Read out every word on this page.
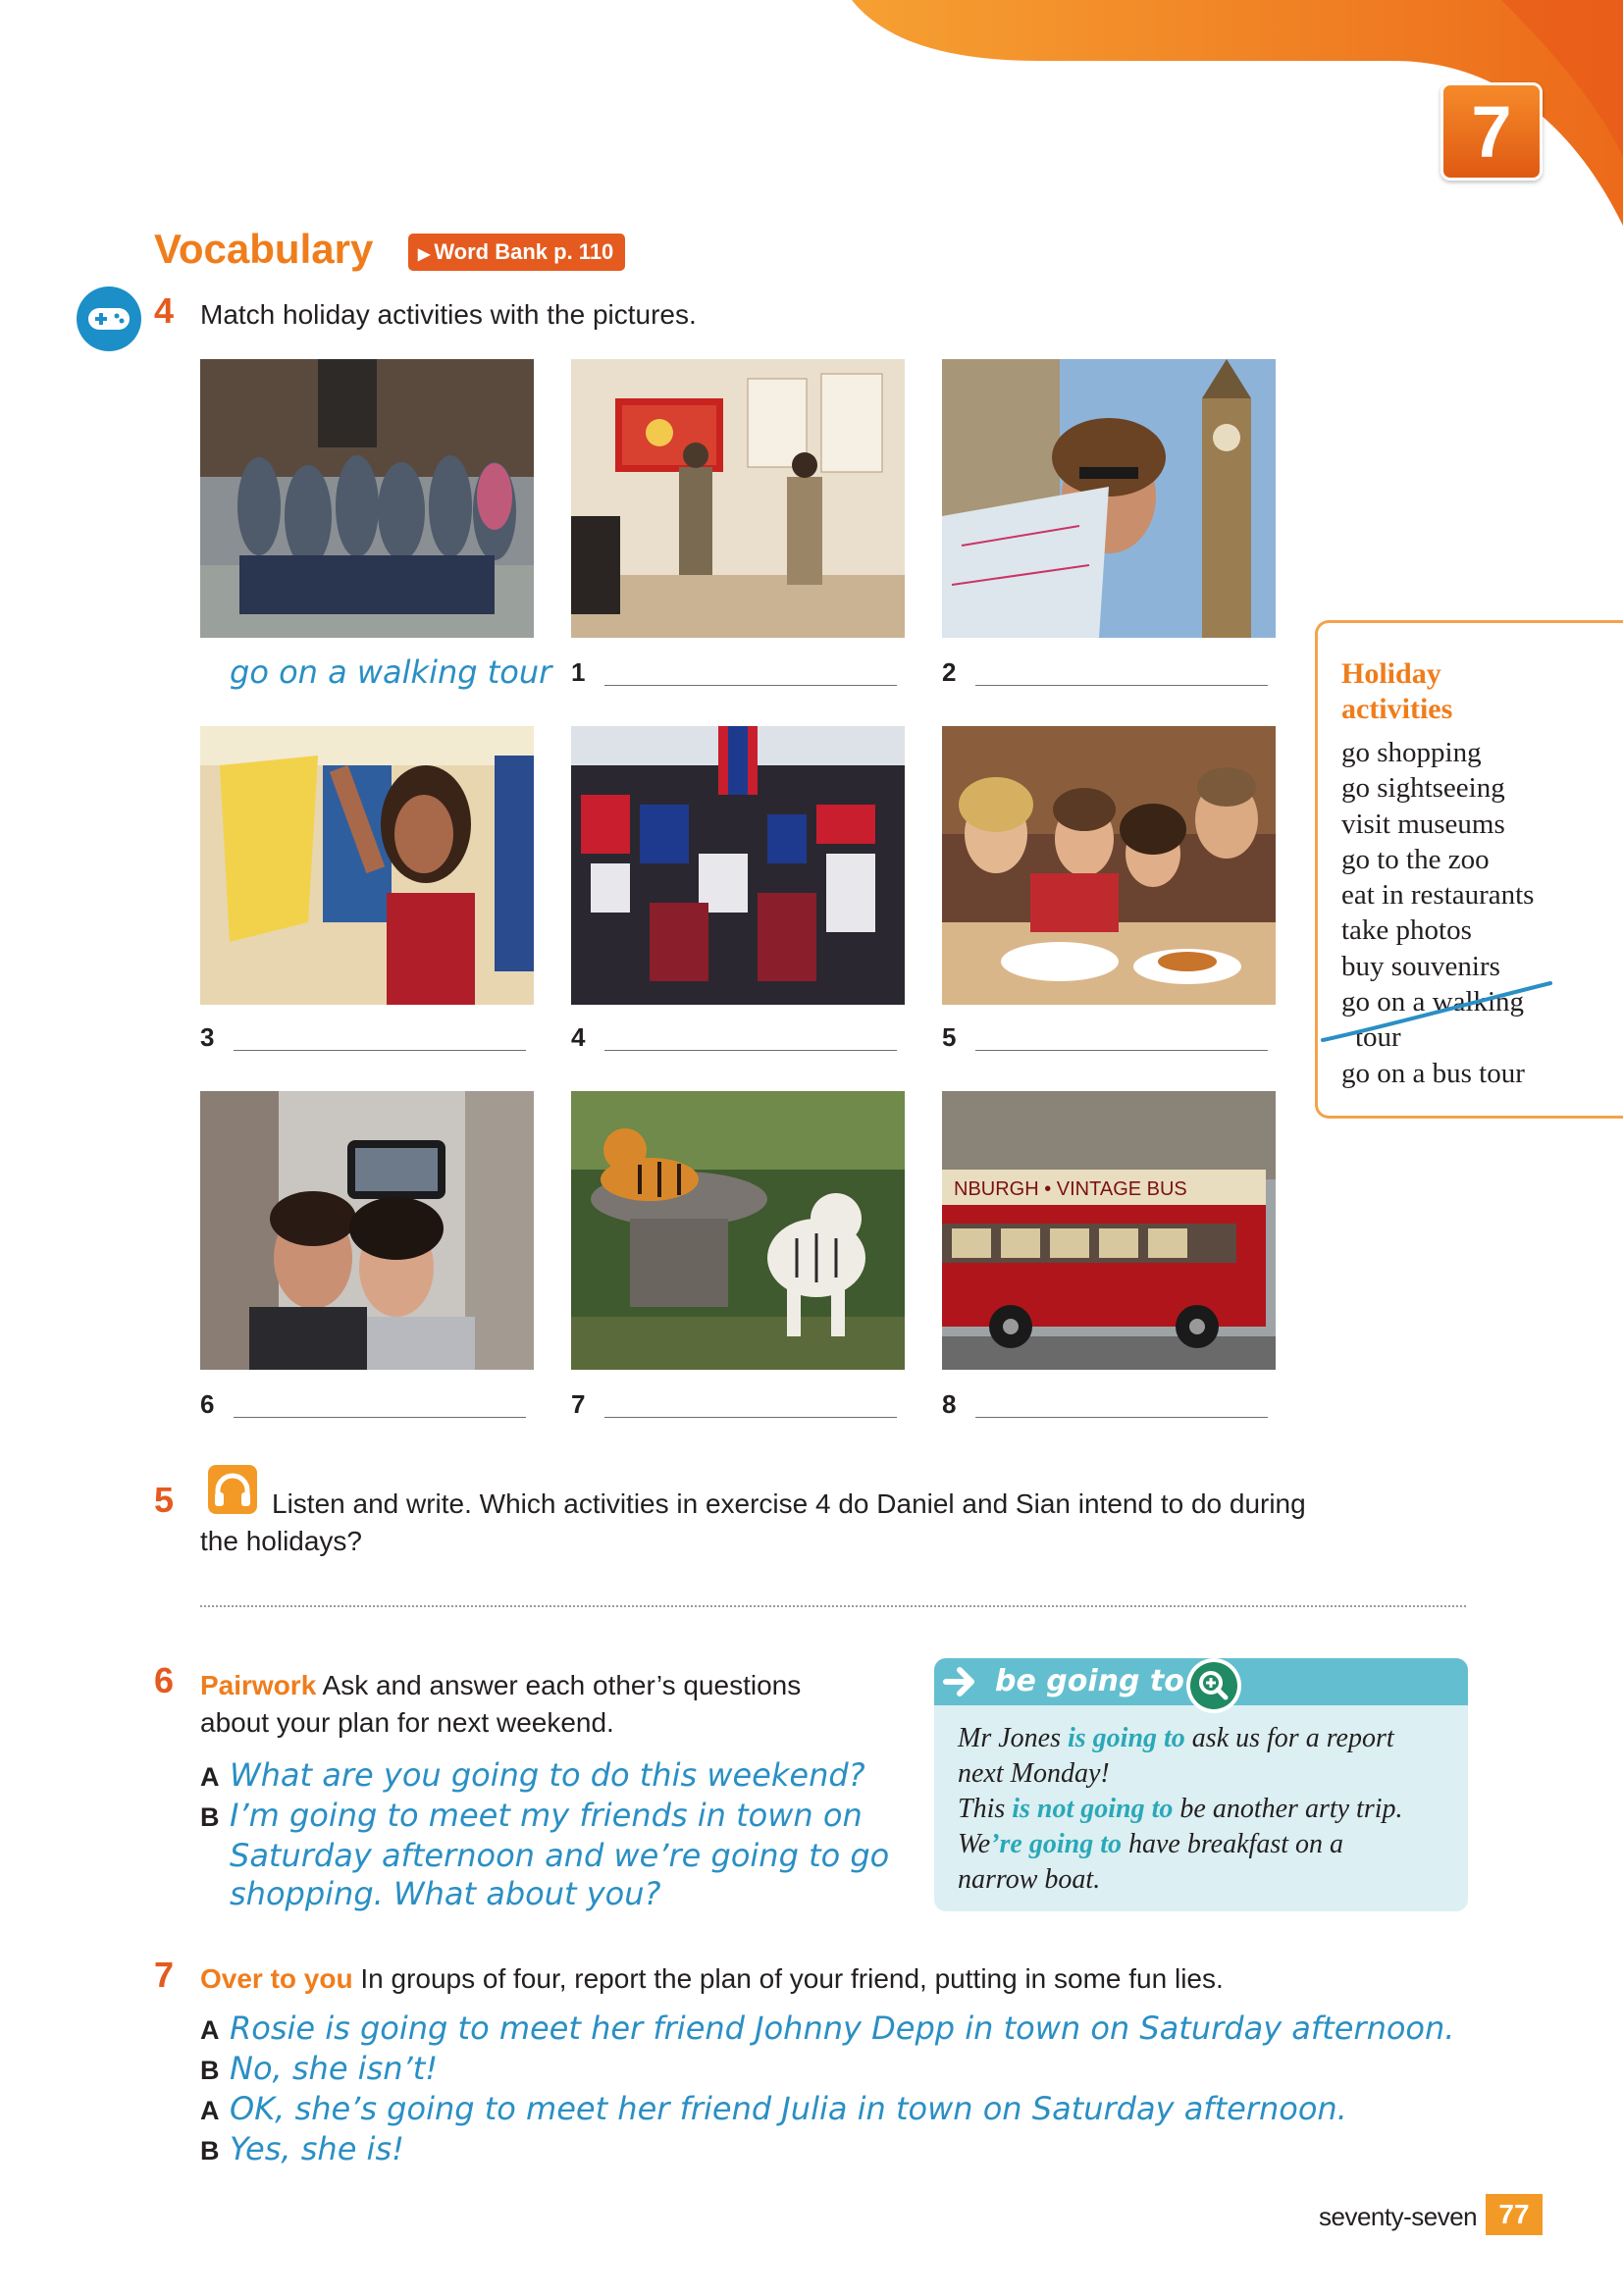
7
Vocabulary	▶ Word Bank p. 110
4 Match holiday activities with the pictures.
go on a walking tour 1	2
3	4	5
NBURGH • VINTAGE BUS
6	7	8
Holiday
activities
go shopping
go sightseeing
visit museums
go to the zoo
eat in restaurants
take photos
buy souvenirs
go on a walking
tour
go on a bus tour
5	Listen and write. Which activities in exercise 4 do Daniel and Sian intend to do during
the holidays?
6 Pairwork Ask and answer each other’s questions
about your plan for next weekend.
A What are you going to do this weekend?
B I’m going to meet my friends in town on
Saturday afternoon and we’re going to go
shopping. What about you?
be going to
Mr Jones is going to ask us for a report
next Monday!
This is not going to be another arty trip.
We’re going to have breakfast on a
narrow boat.
7 Over to you In groups of four, report the plan of your friend, putting in some fun lies.
A Rosie is going to meet her friend Johnny Depp in town on Saturday afternoon.
B No, she isn’t!
A OK, she’s going to meet her friend Julia in town on Saturday afternoon.
B Yes, she is!
seventy-seven 77
